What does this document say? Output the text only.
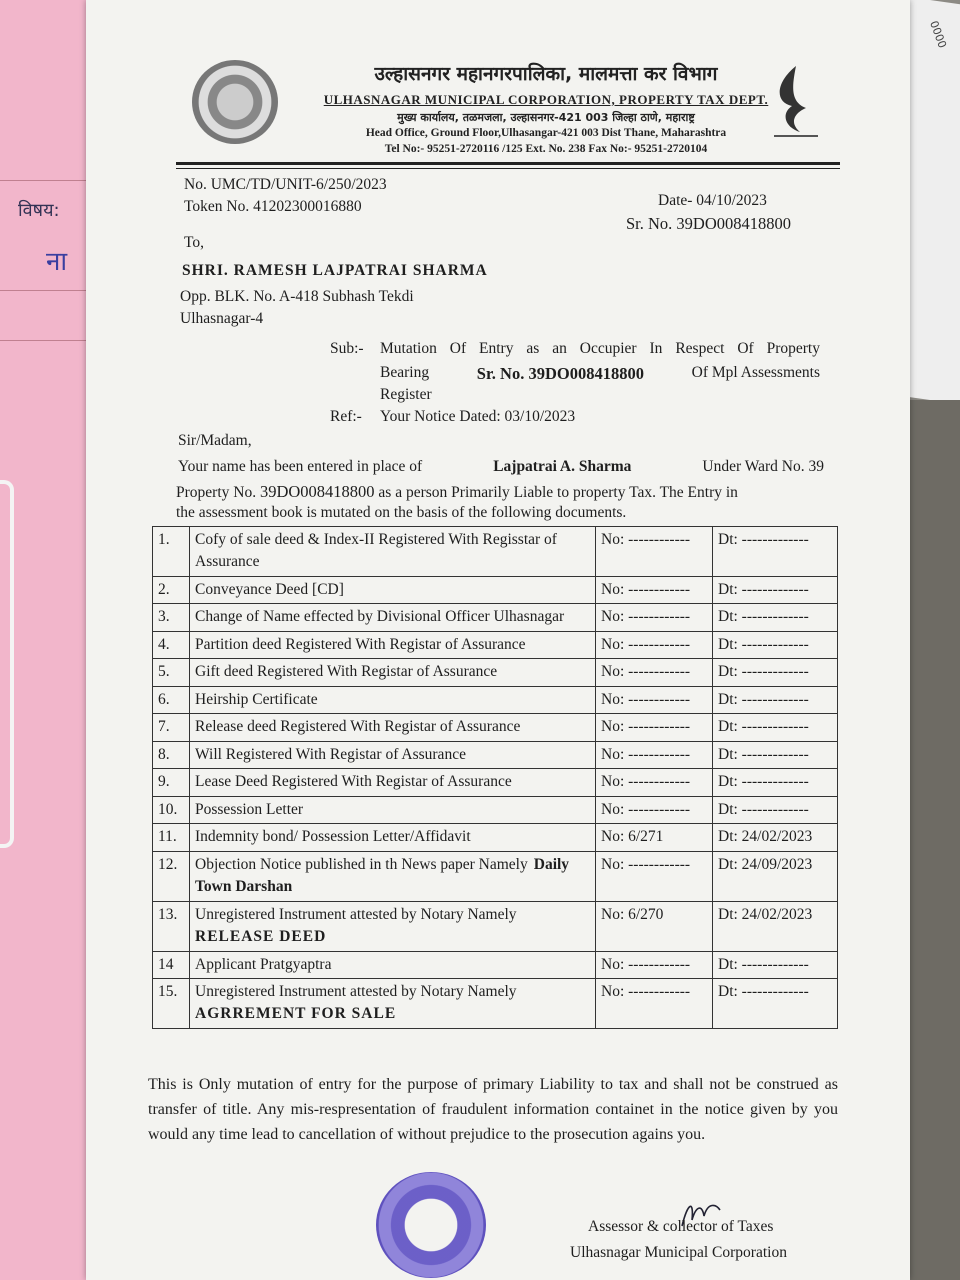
विषय:
ना
0000
उल्हासनगर महानगरपालिका, मालमत्ता कर विभाग
ULHASNAGAR MUNICIPAL CORPORATION, PROPERTY TAX DEPT.
मुख्य कार्यालय, तळमजला, उल्हासनगर-421 003 जिल्हा ठाणे, महाराष्ट्र
Head Office, Ground Floor,Ulhasangar-421 003 Dist Thane, Maharashtra
Tel No:- 95251-2720116 /125 Ext. No. 238 Fax No:- 95251-2720104
No. UMC/TD/UNIT-6/250/2023
Token No. 41202300016880	Date- 04/10/2023
Sr. No. 39DO008418800
To,
SHRI. RAMESH LAJPATRAI SHARMA
Opp. BLK. No. A-418 Subhash Tekdi
Ulhasnagar-4
Sub:- Mutation Of Entry as an Occupier In Respect Of Property
Bearing	Sr. No. 39DO008418800	Of Mpl Assessments
Register
Ref:- Your Notice Dated: 03/10/2023
Sir/Madam,
Your name has been entered in place of	Lajpatrai A. Sharma	Under Ward No. 39
Property No. 39DO008418800 as a person Primarily Liable to property Tax. The Entry in
the assessment book is mutated on the basis of the following documents.
1.	Cofy of sale deed & Index-II Registered With Regisstar of Assurance	No: ------------	Dt: -------------
2.	Conveyance Deed [CD]	No: ------------	Dt: -------------
3.	Change of Name effected by Divisional Officer Ulhasnagar	No: ------------	Dt: -------------
4.	Partition deed Registered With Registar of Assurance	No: ------------	Dt: -------------
5.	Gift deed Registered With Registar of Assurance	No: ------------	Dt: -------------
6.	Heirship Certificate	No: ------------	Dt: -------------
7.	Release deed Registered With Registar of Assurance	No: ------------	Dt: -------------
8.	Will Registered With Registar of Assurance	No: ------------	Dt: -------------
9.	Lease Deed Registered With Registar of Assurance	No: ------------	Dt: -------------
10.	Possession Letter	No: ------------	Dt: -------------
11.	Indemnity bond/ Possession Letter/Affidavit	No: 6/271	Dt: 24/02/2023
12.	Objection Notice published in th News paper Namely Daily Town Darshan	No: ------------	Dt: 24/09/2023
13.	Unregistered Instrument attested by Notary Namely
RELEASE DEED	No: 6/270	Dt: 24/02/2023
14	Applicant Pratgyaptra	No: ------------	Dt: -------------
15.	Unregistered Instrument attested by Notary Namely
AGRREMENT FOR SALE	No: ------------	Dt: -------------
This is Only mutation of entry for the purpose of primary Liability to tax and shall not be construed as transfer of title. Any mis-respresentation of fraudulent information containet in the notice given by you would any time lead to cancellation of without prejudice to the prosecution agains you.
Assessor & collector of Taxes
Ulhasnagar Municipal Corporation
